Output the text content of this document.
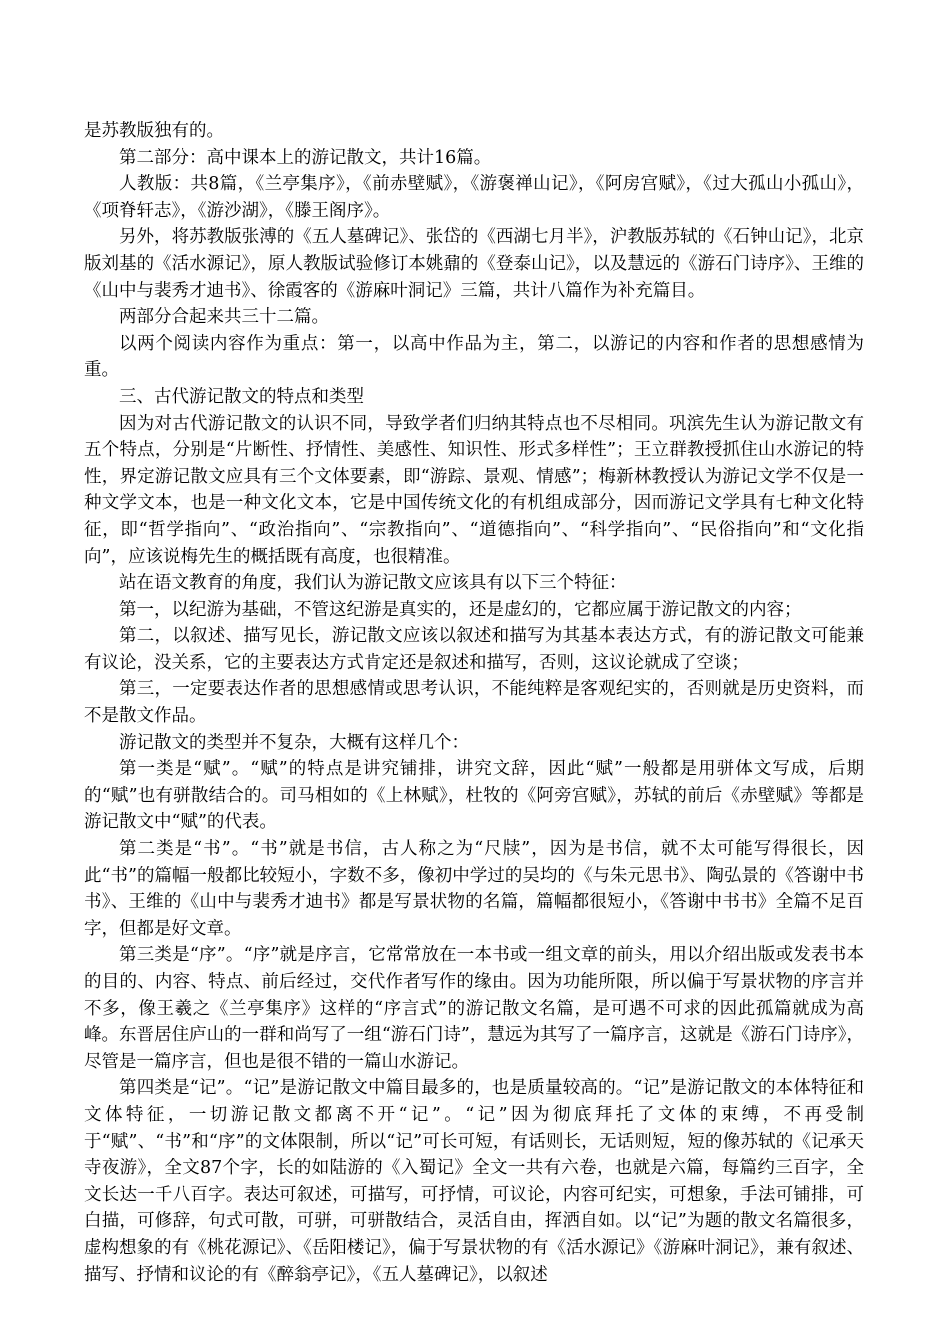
是苏教版独有的。

第二部分：高中课本上的游记散文，共计16篇。

人教版：共8篇，《兰亭集序》，《前赤壁赋》，《游褒禅山记》，《阿房宫赋》，《过大孤山小孤山》，《项脊轩志》，《游沙湖》，《滕王阁序》。

另外，将苏教版张溥的《五人墓碑记》、张岱的《西湖七月半》，沪教版苏轼的《石钟山记》，北京版刘基的《活水源记》，原人教版试验修订本姚鼐的《登泰山记》，以及慧远的《游石门诗序》、王维的《山中与裴秀才迪书》、徐霞客的《游麻叶洞记》三篇，共计八篇作为补充篇目。

两部分合起来共三十二篇。

以两个阅读内容作为重点：第一，以高中作品为主，第二，以游记的内容和作者的思想感情为重。

三、古代游记散文的特点和类型

因为对古代游记散文的认识不同，导致学者们归纳其特点也不尽相同。巩滨先生认为游记散文有五个特点，分别是“片断性、抒情性、美感性、知识性、形式多样性”；王立群教授抓住山水游记的特性，界定游记散文应具有三个文体要素，即“游踪、景观、情感”；梅新林教授认为游记文学不仅是一种文学文本，也是一种文化文本，它是中国传统文化的有机组成部分，因而游记文学具有七种文化特征，即“哲学指向”、“政治指向”、“宗教指向”、“道德指向”、“科学指向”、“民俗指向”和“文化指向”，应该说梅先生的概括既有高度，也很精准。

站在语文教育的角度，我们认为游记散文应该具有以下三个特征：

第一，以纪游为基础，不管这纪游是真实的，还是虚幻的，它都应属于游记散文的内容；

第二，以叙述、描写见长，游记散文应该以叙述和描写为其基本表达方式，有的游记散文可能兼有议论，没关系，它的主要表达方式肯定还是叙述和描写，否则，这议论就成了空谈；

第三，一定要表达作者的思想感情或思考认识，不能纯粹是客观纪实的，否则就是历史资料，而不是散文作品。

游记散文的类型并不复杂，大概有这样几个：

第一类是“赋”。“赋”的特点是讲究铺排，讲究文辞，因此“赋”一般都是用骈体文写成，后期的“赋”也有骈散结合的。司马相如的《上林赋》，杜牧的《阿旁宫赋》，苏轼的前后《赤壁赋》等都是游记散文中“赋”的代表。

第二类是“书”。“书”就是书信，古人称之为“尺牍”，因为是书信，就不太可能写得很长，因此“书”的篇幅一般都比较短小，字数不多，像初中学过的吴均的《与朱元思书》、陶弘景的《答谢中书书》、王维的《山中与裴秀才迪书》都是写景状物的名篇，篇幅都很短小，《答谢中书书》全篇不足百字，但都是好文章。

第三类是“序”。“序”就是序言，它常常放在一本书或一组文章的前头，用以介绍出版或发表书本的目的、内容、特点、前后经过，交代作者写作的缘由。因为功能所限，所以偏于写景状物的序言并不多，像王羲之《兰亭集序》这样的“序言式”的游记散文名篇，是可遇不可求的因此孤篇就成为高峰。东晋居住庐山的一群和尚写了一组“游石门诗”，慧远为其写了一篇序言，这就是《游石门诗序》，尽管是一篇序言，但也是很不错的一篇山水游记。

第四类是“记”。“记”是游记散文中篇目最多的，也是质量较高的。“记”是游记散文的本体特征和文体特征，一切游记散文都离不开“记”。“记”因为彻底拜托了文体的束缚，不再受制于“赋”、“书”和“序”的文体限制，所以“记”可长可短，有话则长，无话则短，短的像苏轼的《记承天寺夜游》，全文87个字，长的如陆游的《入蜀记》全文一共有六卷，也就是六篇，每篇约三百字，全文长达一千八百字。表达可叙述，可描写，可抒情，可议论，内容可纪实，可想象，手法可铺排，可白描，可修辞，句式可散，可骈，可骈散结合，灵活自由，挥洒自如。以“记”为题的散文名篇很多，虚构想象的有《桃花源记》、《岳阳楼记》，偏于写景状物的有《活水源记》《游麻叶洞记》，兼有叙述、描写、抒情和议论的有《醉翁亭记》，《五人墓碑记》，以叙述
